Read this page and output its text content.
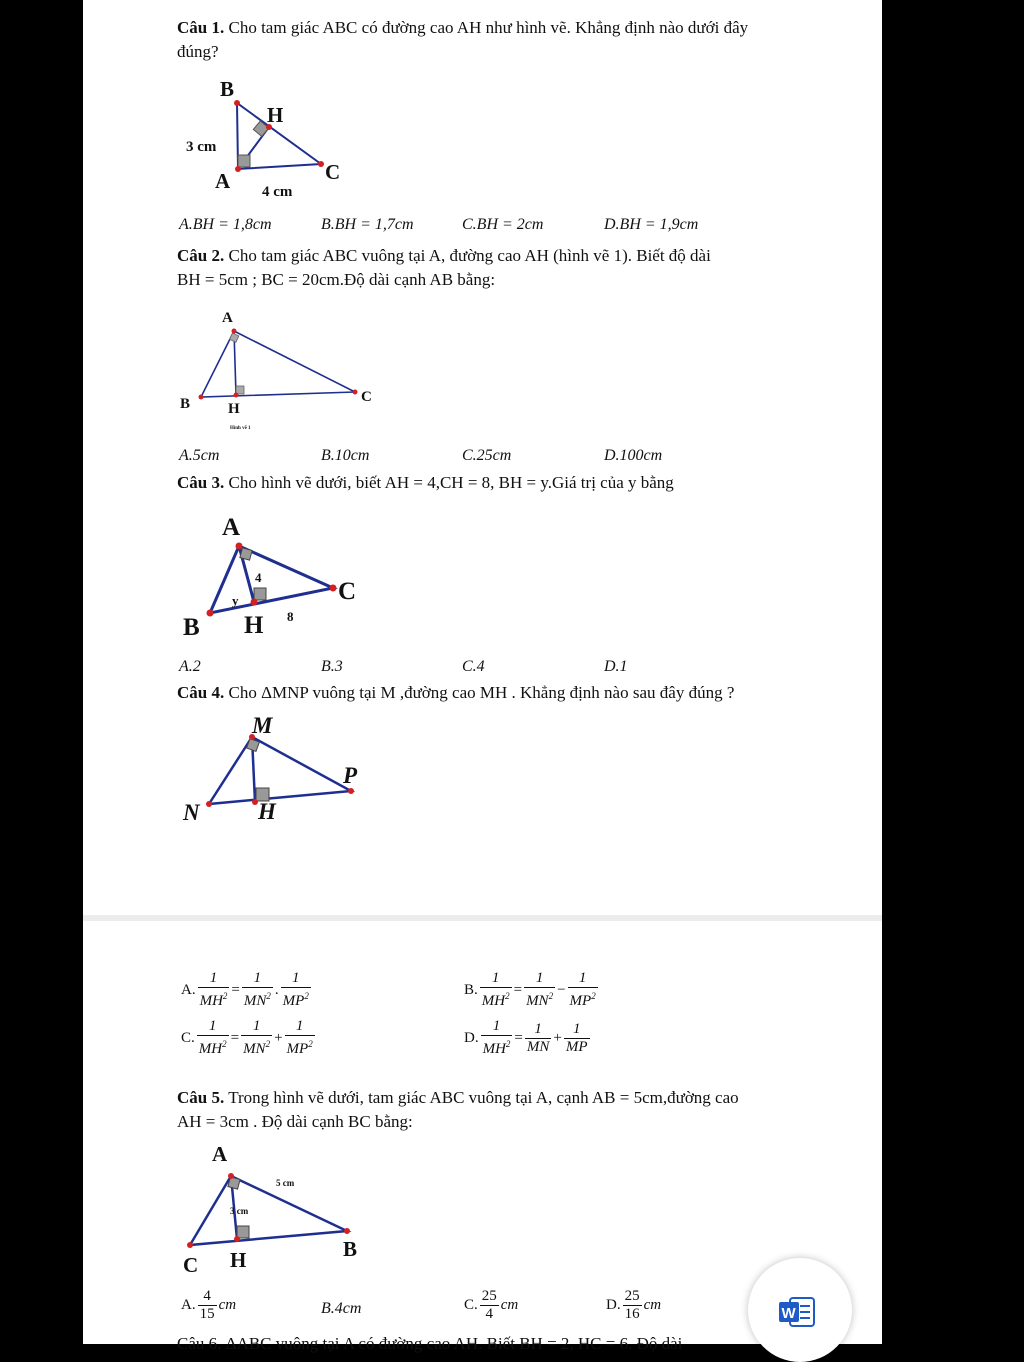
Câu 1. Cho tam giác ABC có đường cao AH như hình vẽ. Khẳng định nào dưới đây
đúng?
B
H
A	C
3 cm
4 cm
A.BH = 1,8cm	B.BH = 1,7cm	C.BH = 2cm	D.BH = 1,9cm
Câu 2. Cho tam giác ABC vuông tại A, đường cao AH (hình vẽ 1). Biết độ dài
BH = 5cm ; BC = 20cm.Độ dài cạnh AB bằng:
A
B	H
C
Hình vẽ 1
A.5cm	B.10cm	C.25cm	D.100cm
Câu 3. Cho hình vẽ dưới, biết AH = 4,CH = 8, BH = y.Giá trị của y bằng
A
B H
C
4
y
8
A.2	B.3	C.4	D.1
Câu 4. Cho ΔMNP vuông tại M ,đường cao MH . Khẳng định nào sau đây đúng ?
M
N	H
P
A. $\frac{1}{MH^2} = \frac{1}{MN^2}$ . $\frac{1}{MP^2}$	B. $\frac{1}{MH^2} = \frac{1}{MN^2} - \frac{1}{MP^2}$
C. $\frac{1}{MH^2} = \frac{1}{MN^2} + \frac{1}{MP^2}$	D. $\frac{1}{MH^2} = \frac{1}{MN} + \frac{1}{MP}$
Câu 5. Trong hình vẽ dưới, tam giác ABC vuông tại A, cạnh AB = 5cm,đường cao
AH = 3cm . Độ dài cạnh BC bằng:
A
C H	B
5 cm
3 cm
A. $\frac{4}{15}$ cm	B.4cm	C. $\frac{25}{4}$ cm	D. $\frac{25}{16}$ cm
Câu 6. ΔABC vuông tại A có đường cao AH. Biết BH = 2, HC = 6. Độ dài
W
